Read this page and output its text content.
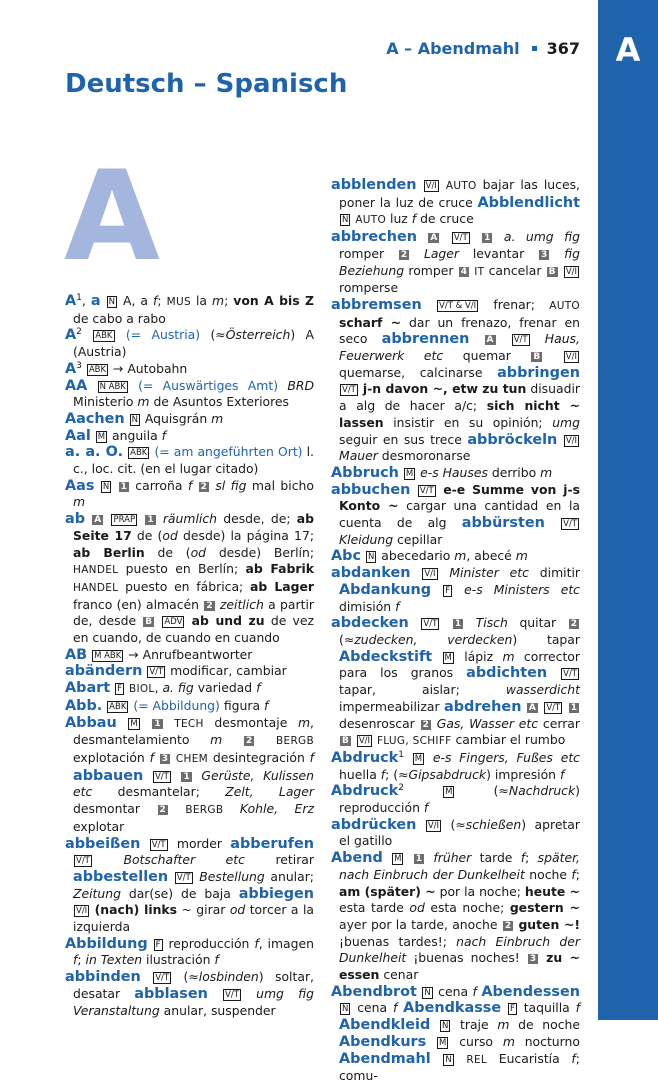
A
A – Abendmahl 367
Deutsch – Spanisch
A

$A^1$, a N A, a f; MUS la m; von A bis Z de cabo a rabo

$A^2$ ABK (= Austria) (≈Österreich) A (Austria)

$A^3$ ABK → Autobahn

AA N ABK (= Auswärtiges Amt) BRD Ministerio m de Asuntos Exteriores

Aachen N Aquisgrán m

Aal M anguila f

a. a. O. ABK (= am angeführten Ort) l. c., loc. cit. (en el lugar citado)

Aas N 1 carroña f 2 sl fig mal bicho m

ab A PRÄP 1 räumlich desde, de; ab Seite 17 de (od desde) la página 17; ab Berlin de (od desde) Berlín; HANDEL puesto en Berlín; ab Fabrik HANDEL puesto en fábrica; ab Lager franco (en) almacén 2 zeitlich a partir de, desde B ADV ab und zu de vez en cuando, de cuando en cuando

AB M ABK → Anrufbeantworter

abändern V/T modificar, cambiar

Abart F BIOL, a. fig variedad f

Abb. ABK (= Abbildung) figura f

Abbau M 1 TECH desmontaje m, desmantelamiento m	2 BERGB explotación f 3 CHEM desintegración f abbauen V/T 1 Gerüste, Kulissen etc desmantelar; Zelt, Lager desmontar 2 BERGB Kohle, Erz explotar

abbeißen V/T morder abberufen V/T	Botschafter etc retirar abbestellen V/T Bestellung anular; Zeitung dar(se) de baja abbiegen V/I (nach) links ~ girar od torcer a la izquierda

Abbildung F reproducción f, imagen f; in Texten ilustración f

abbinden V/T (≈losbinden) soltar, desatar abblasen V/T umg fig Veranstaltung anular, suspender

abblenden V/I AUTO bajar las luces, poner la luz de cruce Abblendlicht N AUTO luz f de cruce

abbrechen A V/T 1 a. umg fig romper 2 Lager levantar 3 fig Beziehung romper 4 IT cancelar B V/I romperse

abbremsen V/T & V/I frenar; AUTO scharf ~ dar un frenazo, frenar en seco abbrennen A V/T Haus, Feuerwerk etc quemar B	V/I quemarse, calcinarse abbringen V/T j-n davon ~, etw zu tun disuadir a alg de hacer a/c; sich nicht ~ lassen insistir en su opinión; umg seguir en sus trece abbröckeln V/I Mauer desmoronarse

Abbruch M e-s Hauses derribo m

abbuchen V/T e-e Summe von j-s Konto ~ cargar una cantidad en la cuenta de alg abbürsten V/T Kleidung cepillar

Abc N abecedario m, abecé m

abdanken V/I Minister etc dimitir Abdankung F e-s Ministers etc dimisión f

abdecken V/T 1 Tisch quitar 2 (≈zudecken, verdecken) tapar Abdeckstift M lápiz m corrector para los granos abdichten V/T tapar, aislar; wasserdicht impermeabilizar abdrehen A V/T 1 desenroscar 2 Gas, Wasser etc cerrar B V/I FLUG, SCHIFF cambiar el rumbo

Abdruck$^1$ M e-s Fingers, Fußes etc huella f; (≈Gipsabdruck) impresión f

Abdruck$^2$	M (≈Nachdruck) reproducción f

abdrücken V/I (≈schießen) apretar el gatillo

Abend M 1 früher tarde f; später, nach Einbruch der Dunkelheit noche f; am (später) ~ por la noche; heute ~ esta tarde od esta noche; gestern ~ ayer por la tarde, anoche 2 guten ~! ¡buenas tardes!; nach Einbruch der Dunkelheit ¡buenas noches! 3 zu ~ essen cenar

Abendbrot N cena f Abendessen N cena f Abendkasse F taquilla f Abendkleid N traje m de noche Abendkurs M curso m nocturno Abendmahl N REL Eucaristía f; comu-
